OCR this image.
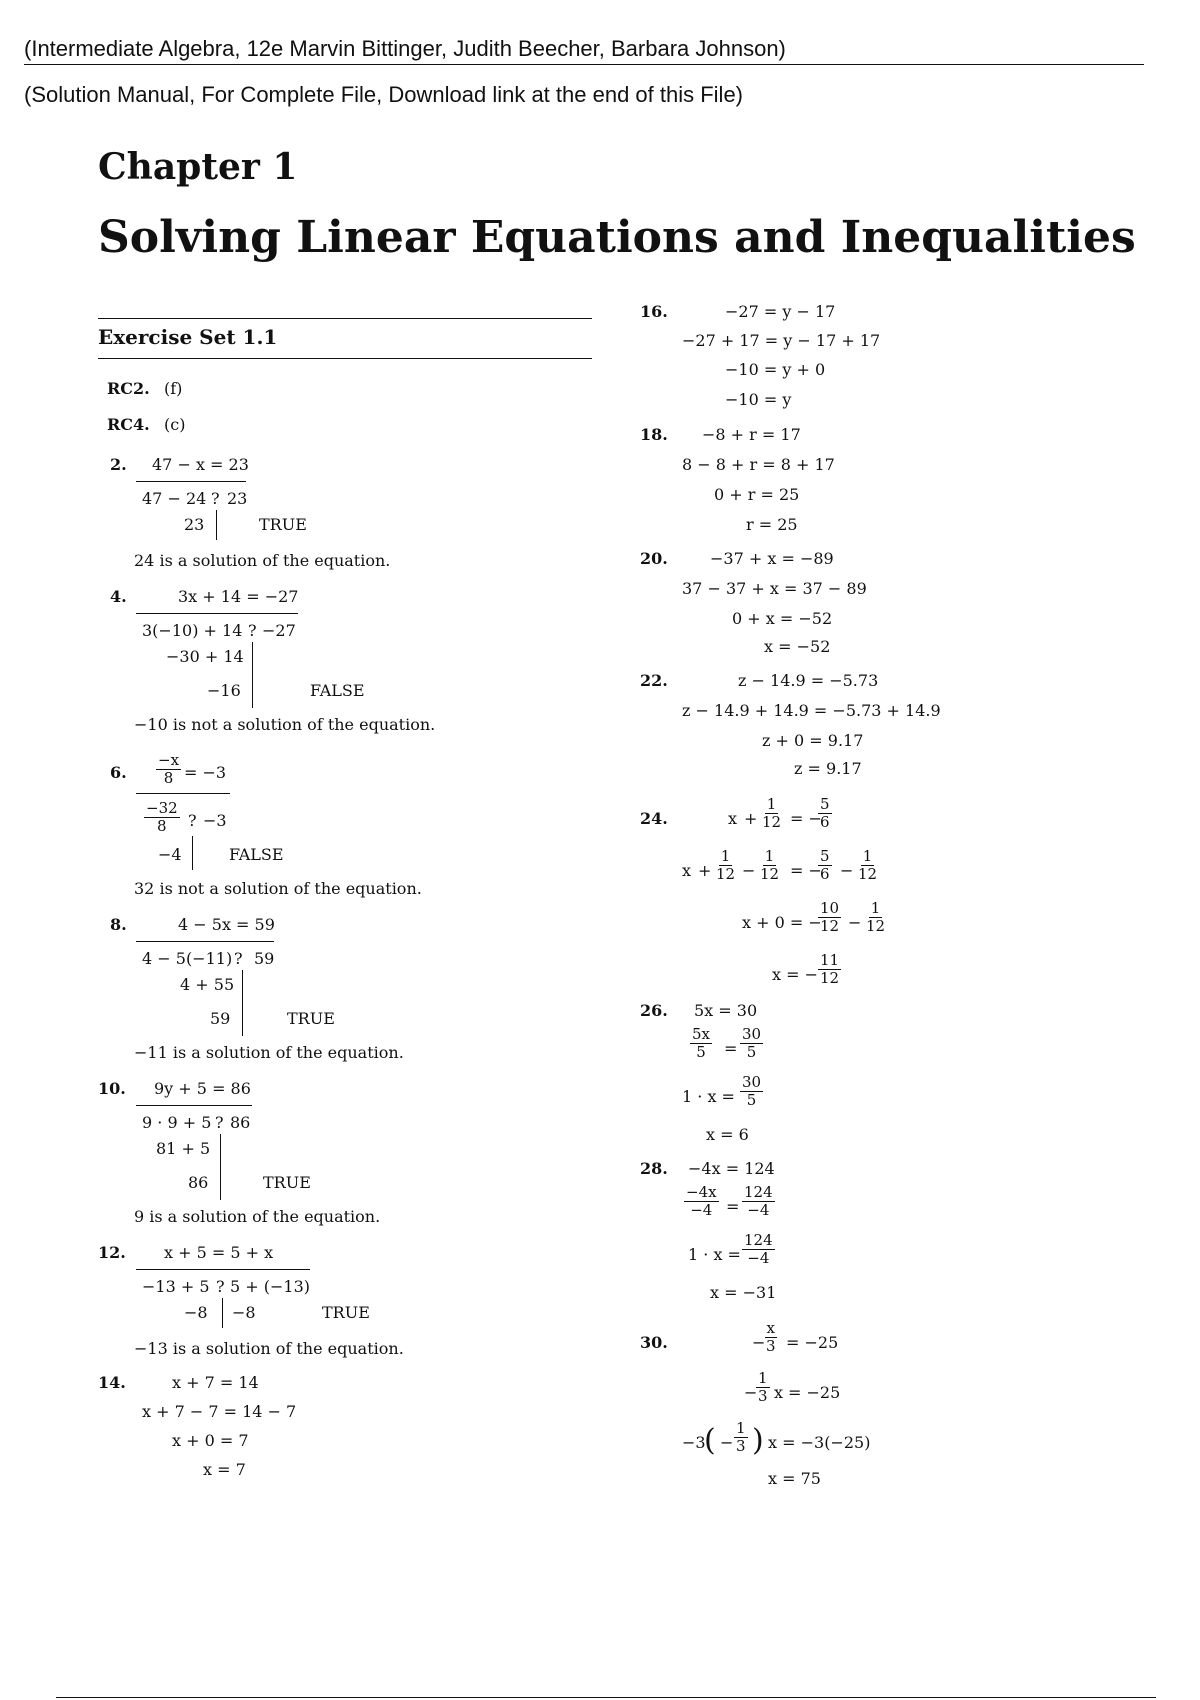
(Intermediate Algebra, 12e Marvin Bittinger, Judith Beecher, Barbara Johnson)
(Solution Manual, For Complete File, Download link at the end of this File)
Chapter 1
Solving Linear Equations and Inequalities
Exercise Set 1.1
RC2. (f)
RC4. (c)
2. 47 − x = 23
47 − 24 ? 23
23	TRUE
24 is a solution of the equation.
4.	3x + 14 = −27
3(−10) + 14 ? −27
−30 + 14
−16	FALSE
−10 is not a solution of the equation.
6.
−x
8 = −3
−32
8 ? −3
−4	FALSE
32 is not a solution of the equation.
8.	4 − 5x = 59
4 − 5(−11) ? 59
4 + 55
59	TRUE
−11 is a solution of the equation.
10. 9y + 5 = 86
9 · 9 + 5 ? 86
81 + 5
86	TRUE
9 is a solution of the equation.
12. x + 5 = 5 + x
−13 + 5 ? 5 + (−13)
−8 −8	TRUE
−13 is a solution of the equation.
14.	x + 7 = 14
x + 7 − 7 = 14 − 7
x + 0 = 7
x = 7
16.	−27 = y − 17
−27 + 17 = y − 17 + 17
−10 = y + 0
−10 = y
18. −8 + r = 17
8 − 8 + r = 8 + 17
0 + r = 25
r = 25
20.	−37 + x = −89
37 − 37 + x = 37 − 89
0 + x = −52
x = −52
22.	z − 14.9 = −5.73
z − 14.9 + 14.9 = −5.73 + 14.9
z + 0 = 9.17
z = 9.17
24.	x +
1
12 = −
5
6
x +
1
12 −
1
12 = −
5
6 −
1
12
x + 0 = −
10
12 −
1
12
x = −
11
12
26. 5x = 30
5x
5 =
30
5
1 · x =
30
5
x = 6
28. −4x = 124
−4x
−4 =
124
−4
1 · x =
124
−4
x = −31
30.	−
x
3 = −25
−
1
3 x = −25
−3
( −
1
3 ) x = −3(−25)
x = 75
